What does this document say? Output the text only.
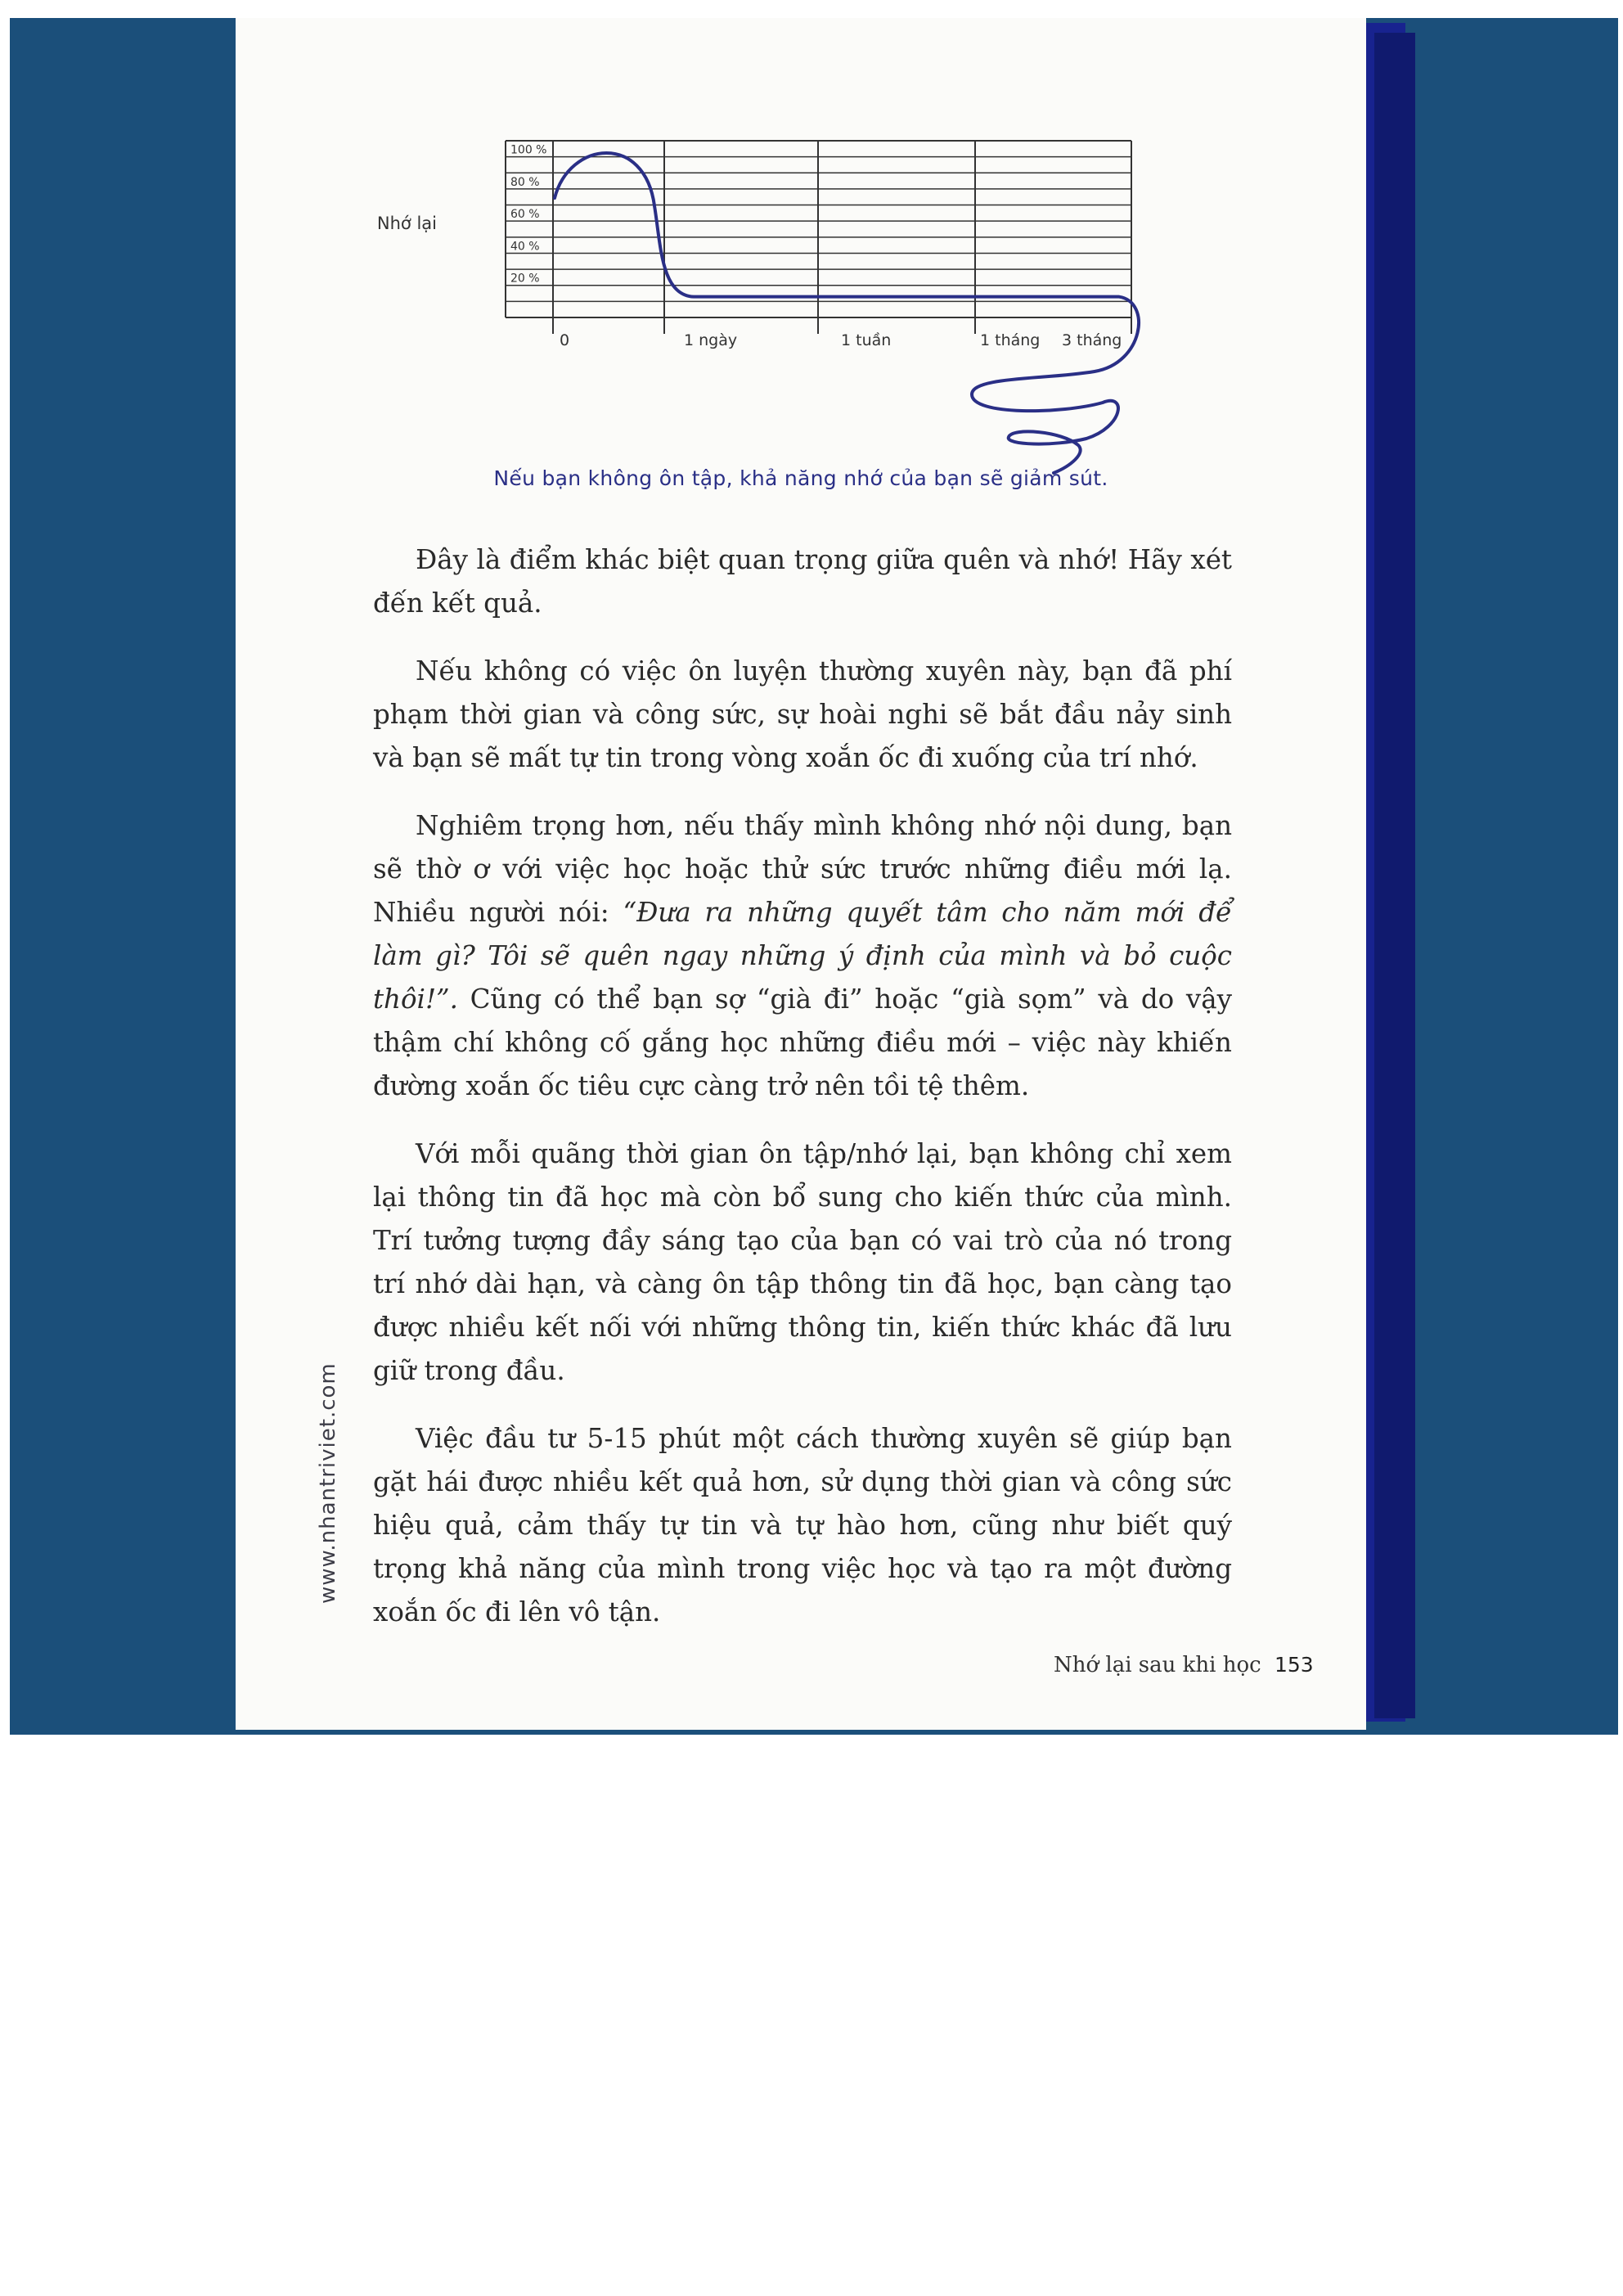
100 %
80 %
60 %
40 %
20 %
0	1 ngày	1 tuần	1 tháng 3 tháng
Nhớ lại
Nếu bạn không ôn tập, khả năng nhớ của bạn sẽ giảm sút.

Đây là điểm khác biệt quan trọng giữa quên và nhớ! Hãy xét đến kết quả.

Nếu không có việc ôn luyện thường xuyên này, bạn đã phí phạm thời gian và công sức, sự hoài nghi sẽ bắt đầu nảy sinh và bạn sẽ mất tự tin trong vòng xoắn ốc đi xuống của trí nhớ.

Nghiêm trọng hơn, nếu thấy mình không nhớ nội dung, bạn sẽ thờ ơ với việc học hoặc thử sức trước những điều mới lạ. Nhiều người nói: “Đưa ra những quyết tâm cho năm mới để làm gì? Tôi sẽ quên ngay những ý định của mình và bỏ cuộc thôi!”. Cũng có thể bạn sợ “già đi” hoặc “già sọm” và do vậy thậm chí không cố gắng học những điều mới – việc này khiến đường xoắn ốc tiêu cực càng trở nên tồi tệ thêm.

Với mỗi quãng thời gian ôn tập/nhớ lại, bạn không chỉ xem lại thông tin đã học mà còn bổ sung cho kiến thức của mình. Trí tưởng tượng đầy sáng tạo của bạn có vai trò của nó trong trí nhớ dài hạn, và càng ôn tập thông tin đã học, bạn càng tạo được nhiều kết nối với những thông tin, kiến thức khác đã lưu giữ trong đầu.

Việc đầu tư 5-15 phút một cách thường xuyên sẽ giúp bạn gặt hái được nhiều kết quả hơn, sử dụng thời gian và công sức hiệu quả, cảm thấy tự tin và tự hào hơn, cũng như biết quý trọng khả năng của mình trong việc học và tạo ra một đường xoắn ốc đi lên vô tận.

Nhớ lại sau khi học 153
www.nhantriviet.com
